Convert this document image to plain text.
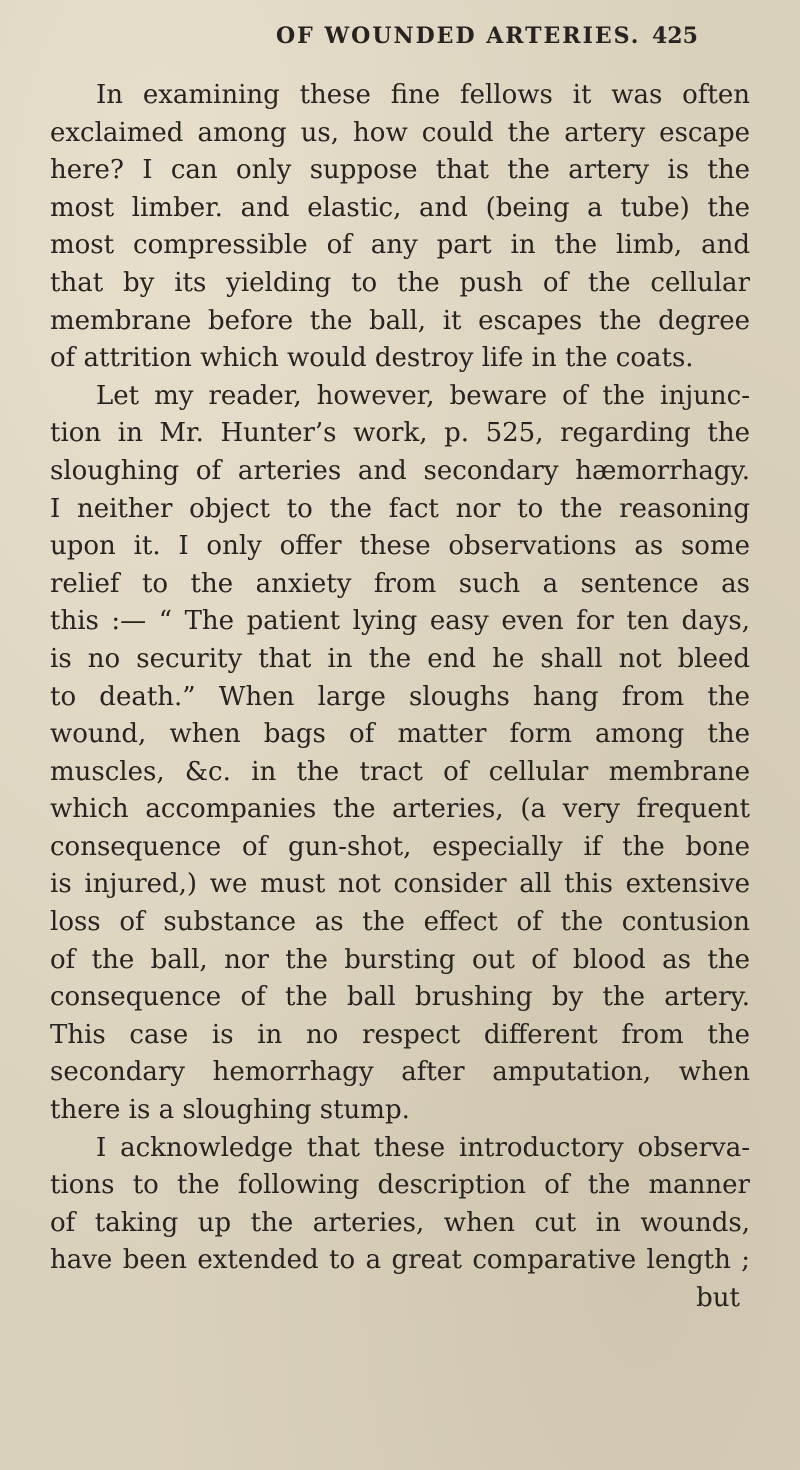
OF WOUNDED ARTERIES. 425
In examining these fine fellows it was often
exclaimed among us, how could the artery escape
here? I can only suppose that the artery is the
most limber. and elastic, and (being a tube) the
most compressible of any part in the limb, and
that by its yielding to the push of the cellular
membrane before the ball, it escapes the degree
of attrition which would destroy life in the coats.
Let my reader, however, beware of the injunc-
tion in Mr. Hunter’s work, p. 525, regarding the
sloughing of arteries and secondary hæmorrhagy.
I neither object to the fact nor to the reasoning
upon it. I only offer these observations as some
relief to the anxiety from such a sentence as
this :— “ The patient lying easy even for ten days,
is no security that in the end he shall not bleed
to death.” When large sloughs hang from the
wound, when bags of matter form among the
muscles, &c. in the tract of cellular membrane
which accompanies the arteries, (a very frequent
consequence of gun-shot, especially if the bone
is injured,) we must not consider all this extensive
loss of substance as the effect of the contusion
of the ball, nor the bursting out of blood as the
consequence of the ball brushing by the artery.
This case is in no respect different from the
secondary hemorrhagy after amputation, when
there is a sloughing stump.
I acknowledge that these introductory observa-
tions to the following description of the manner
of taking up the arteries, when cut in wounds,
have been extended to a great comparative length ;
but
